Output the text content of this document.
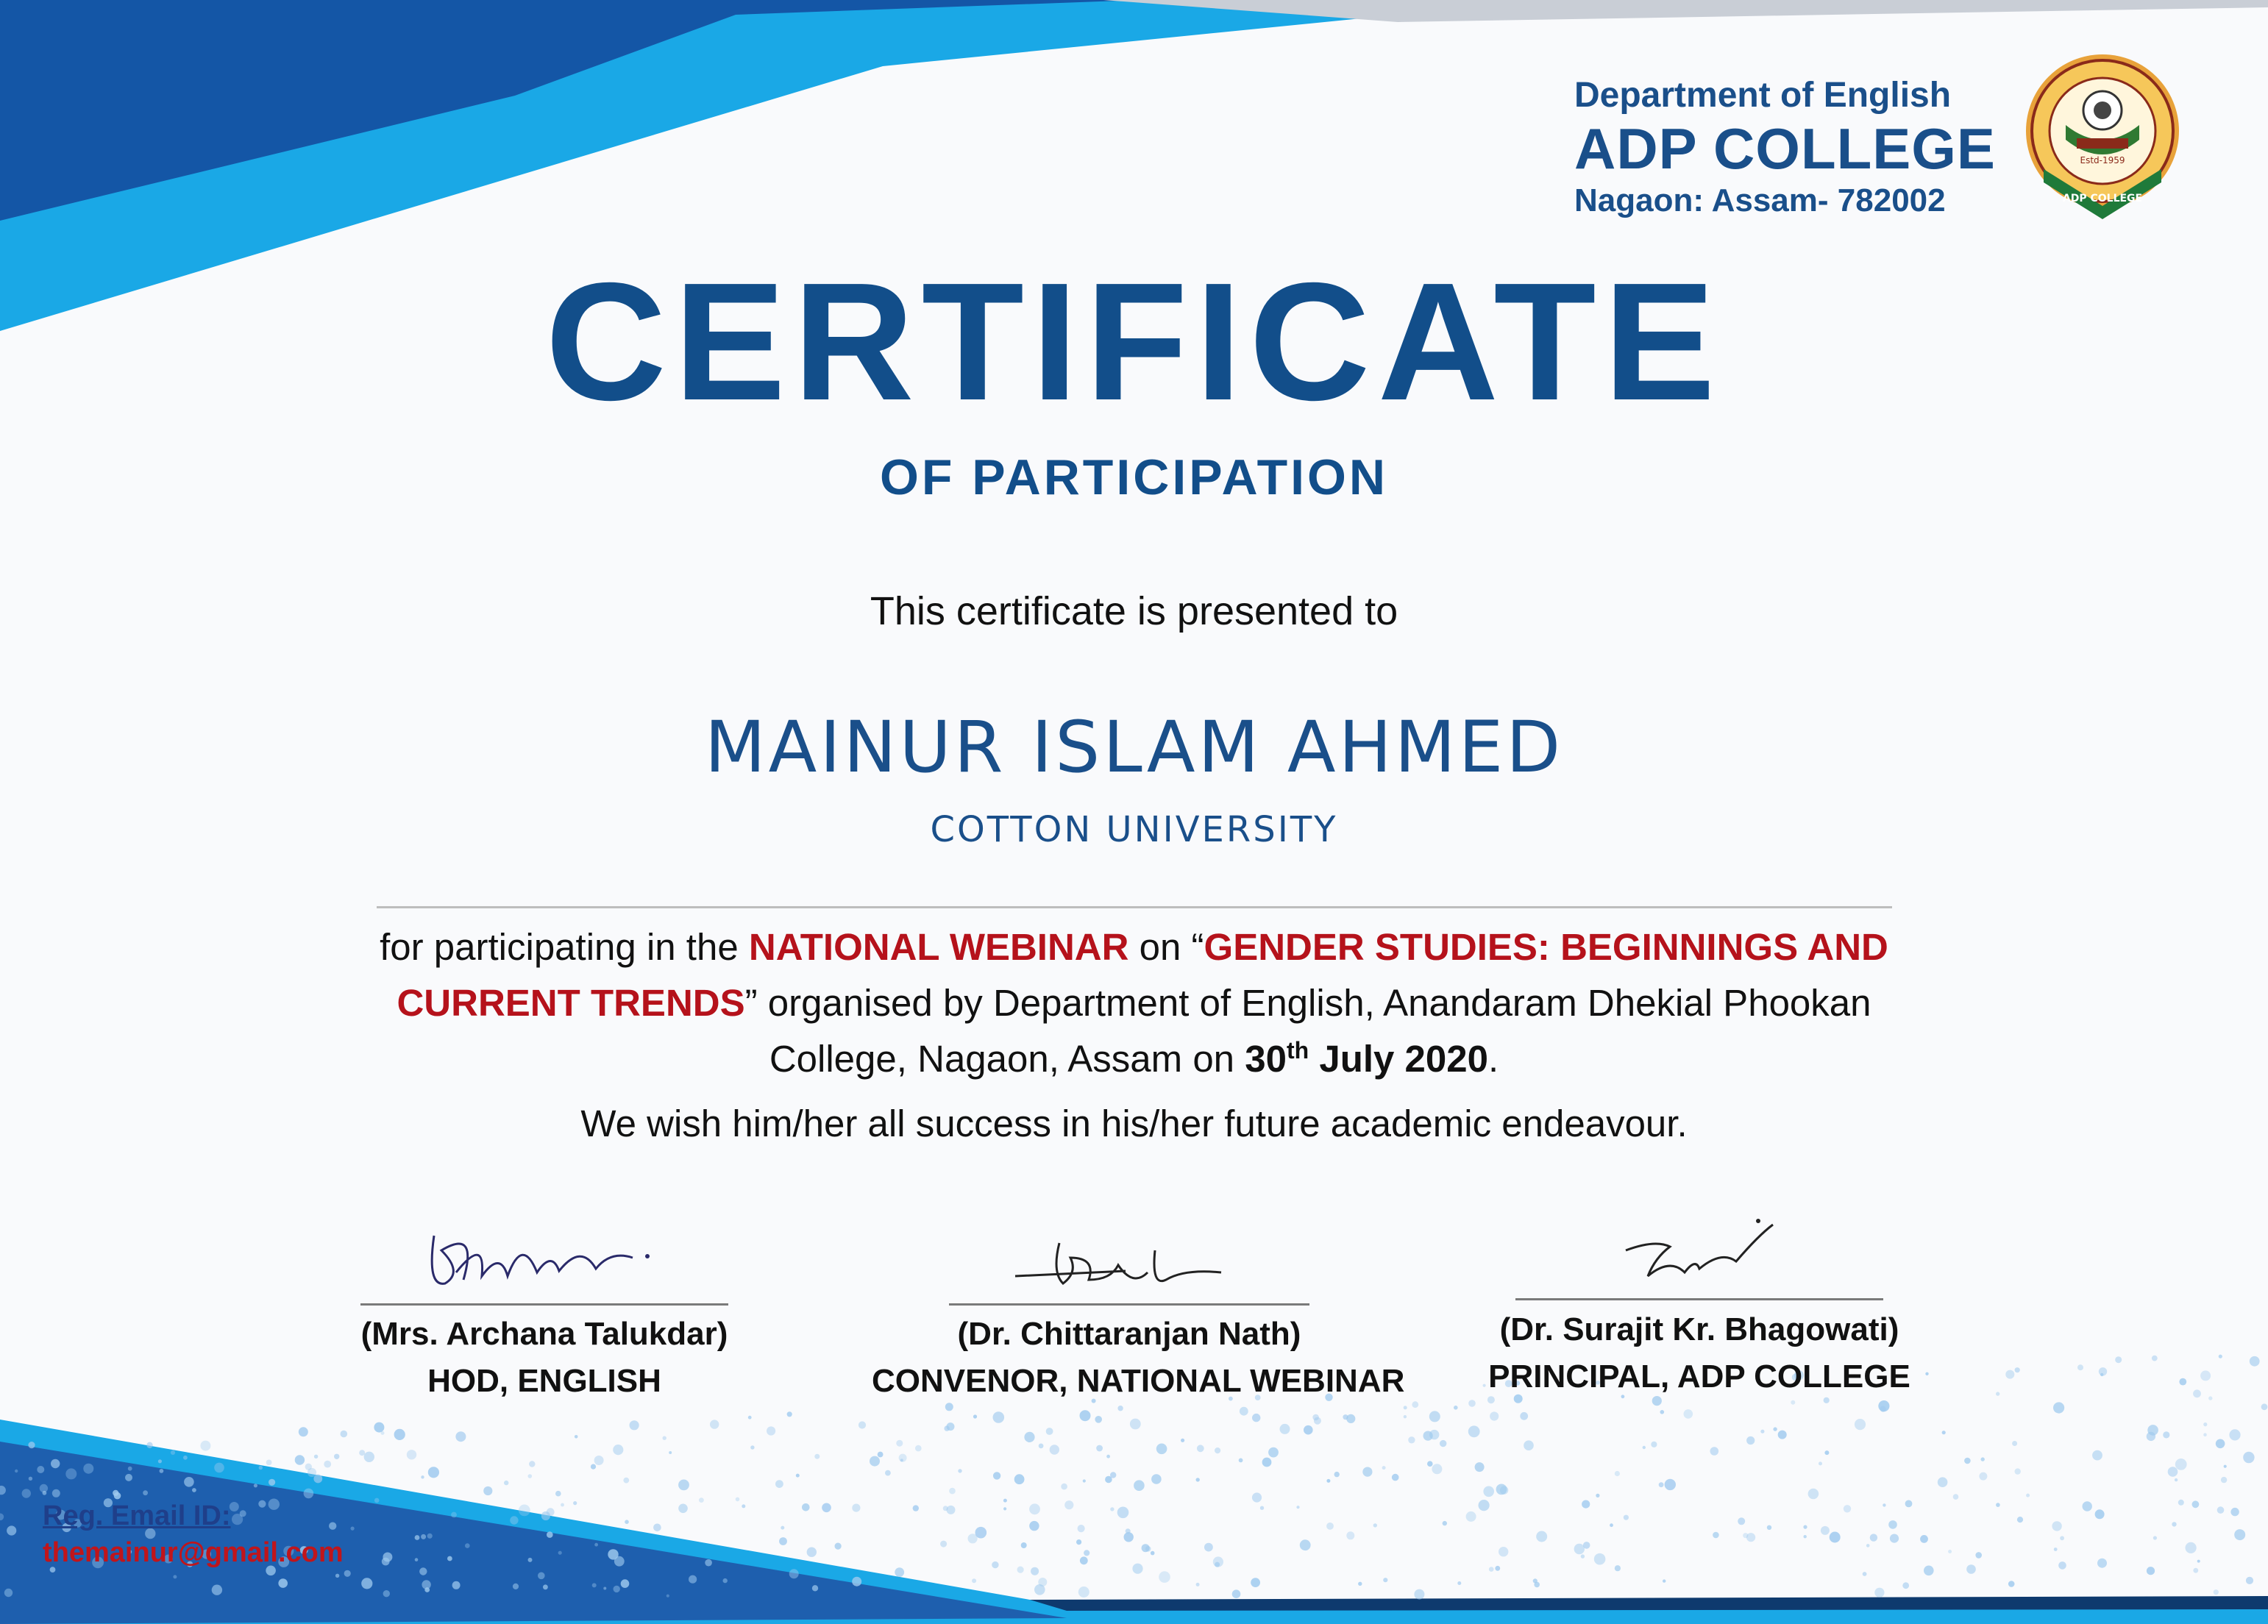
Department of English
ADP COLLEGE
Nagaon: Assam- 782002
Estd-1959
ADP COLLEGE
CERTIFICATE
OF PARTICIPATION
This certificate is presented to
MAINUR ISLAM AHMED
COTTON UNIVERSITY
for participating in the NATIONAL WEBINAR on “GENDER STUDIES: BEGINNINGS AND CURRENT TRENDS” organised by Department of English, Anandaram Dhekial Phookan College, Nagaon, Assam on 30th July 2020.
We wish him/her all success in his/her future academic endeavour.
(Mrs. Archana Talukdar)
HOD, ENGLISH
(Dr. Chittaranjan Nath)
CONVENOR, NATIONAL WEBINAR
(Dr. Surajit Kr. Bhagowati)
PRINCIPAL, ADP COLLEGE
Reg. Email ID:
themainur@gmail.com
